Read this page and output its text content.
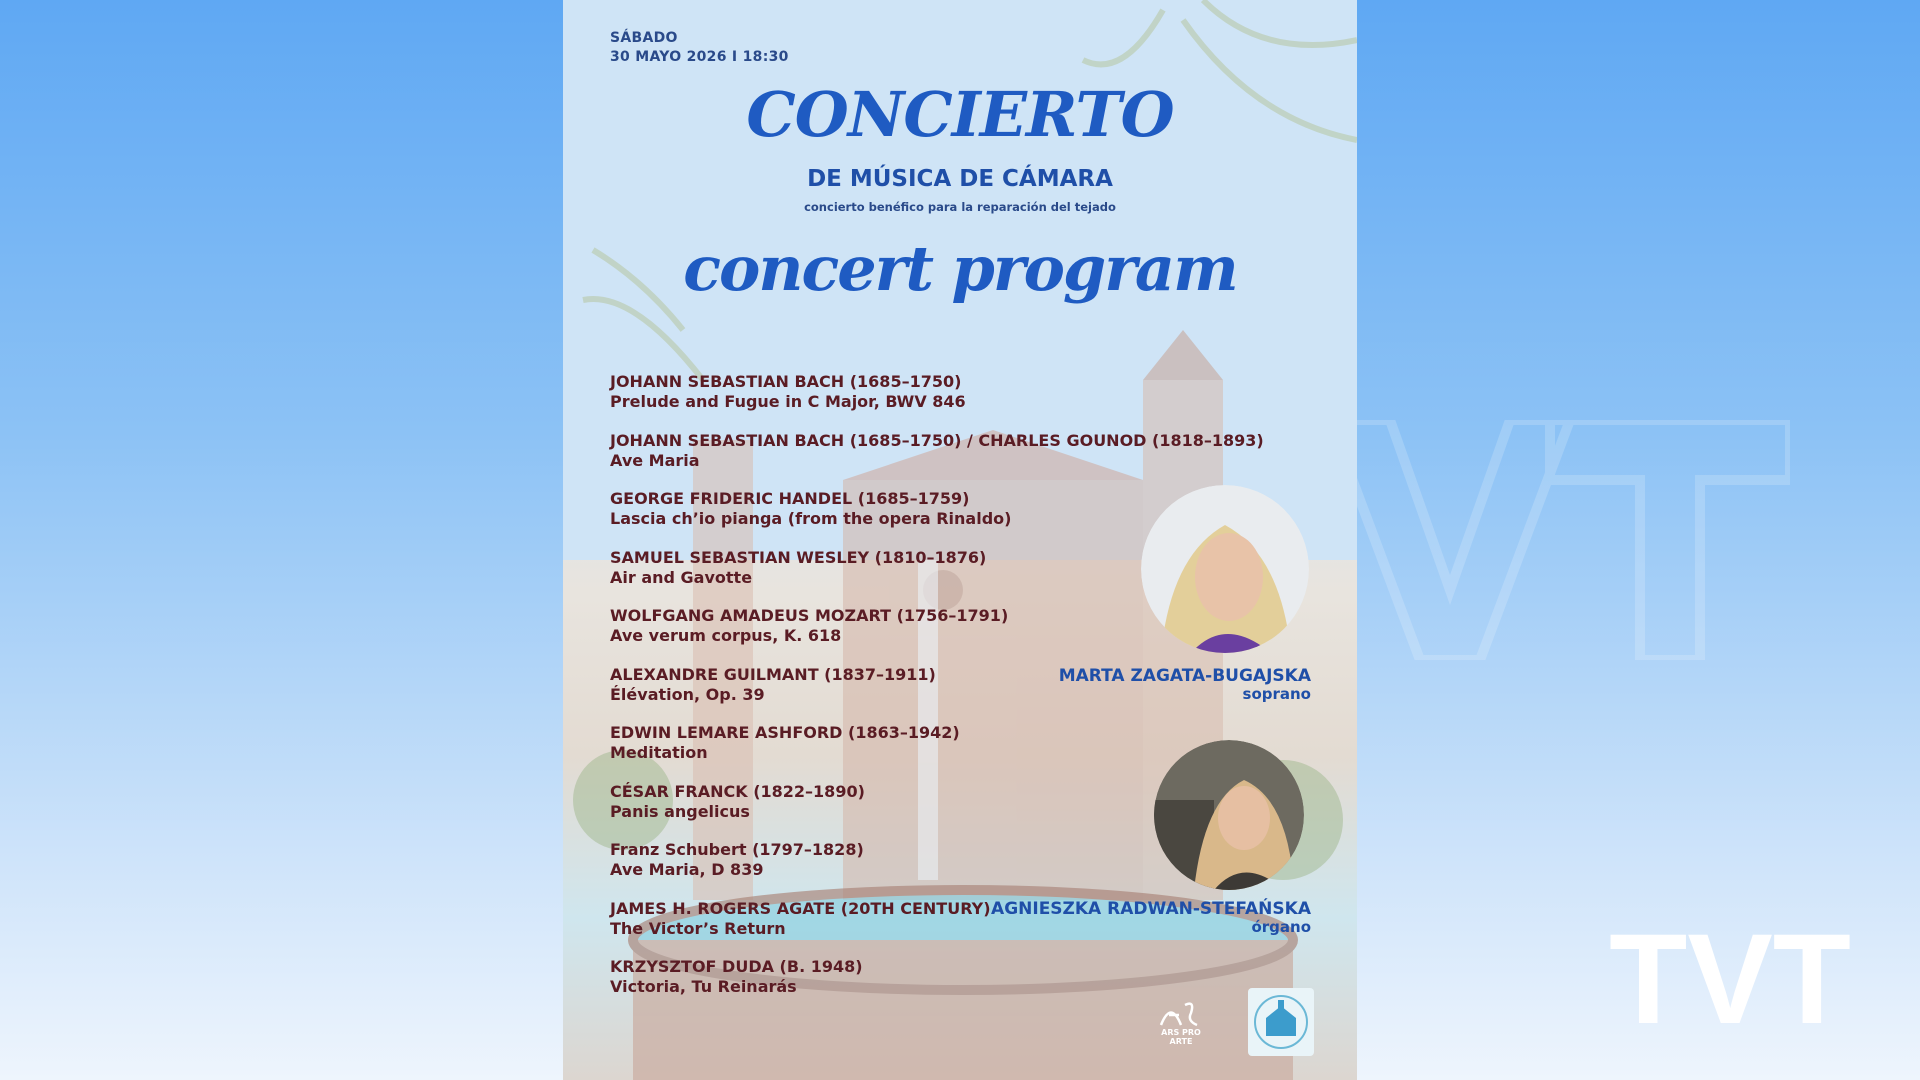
SÁBADO
30 MAYO 2026 I 18:30
CONCIERTO
DE MÚSICA DE CÁMARA
concierto benéfico para la reparación del tejado
concert program
JOHANN SEBASTIAN BACH (1685–1750)
Prelude and Fugue in C Major, BWV 846
JOHANN SEBASTIAN BACH (1685–1750) / CHARLES GOUNOD (1818–1893)
Ave Maria
GEORGE FRIDERIC HANDEL (1685–1759)
Lascia ch’io pianga (from the opera Rinaldo)
SAMUEL SEBASTIAN WESLEY (1810–1876)
Air and Gavotte
WOLFGANG AMADEUS MOZART (1756–1791)
Ave verum corpus, K. 618
ALEXANDRE GUILMANT (1837–1911)
Élévation, Op. 39
EDWIN LEMARE ASHFORD (1863–1942)
Meditation
CÉSAR FRANCK (1822–1890)
Panis angelicus
Franz Schubert (1797–1828)
Ave Maria, D 839
JAMES H. ROGERS AGATE (20TH CENTURY)
The Victor’s Return
KRZYSZTOF DUDA (B. 1948)
Victoria, Tu Reinarás
MARTA ZAGATA-BUGAJSKA
soprano
AGNIESZKA RADWAN-STEFAŃSKA
órgano
ARS PRO ARTE	TVT
